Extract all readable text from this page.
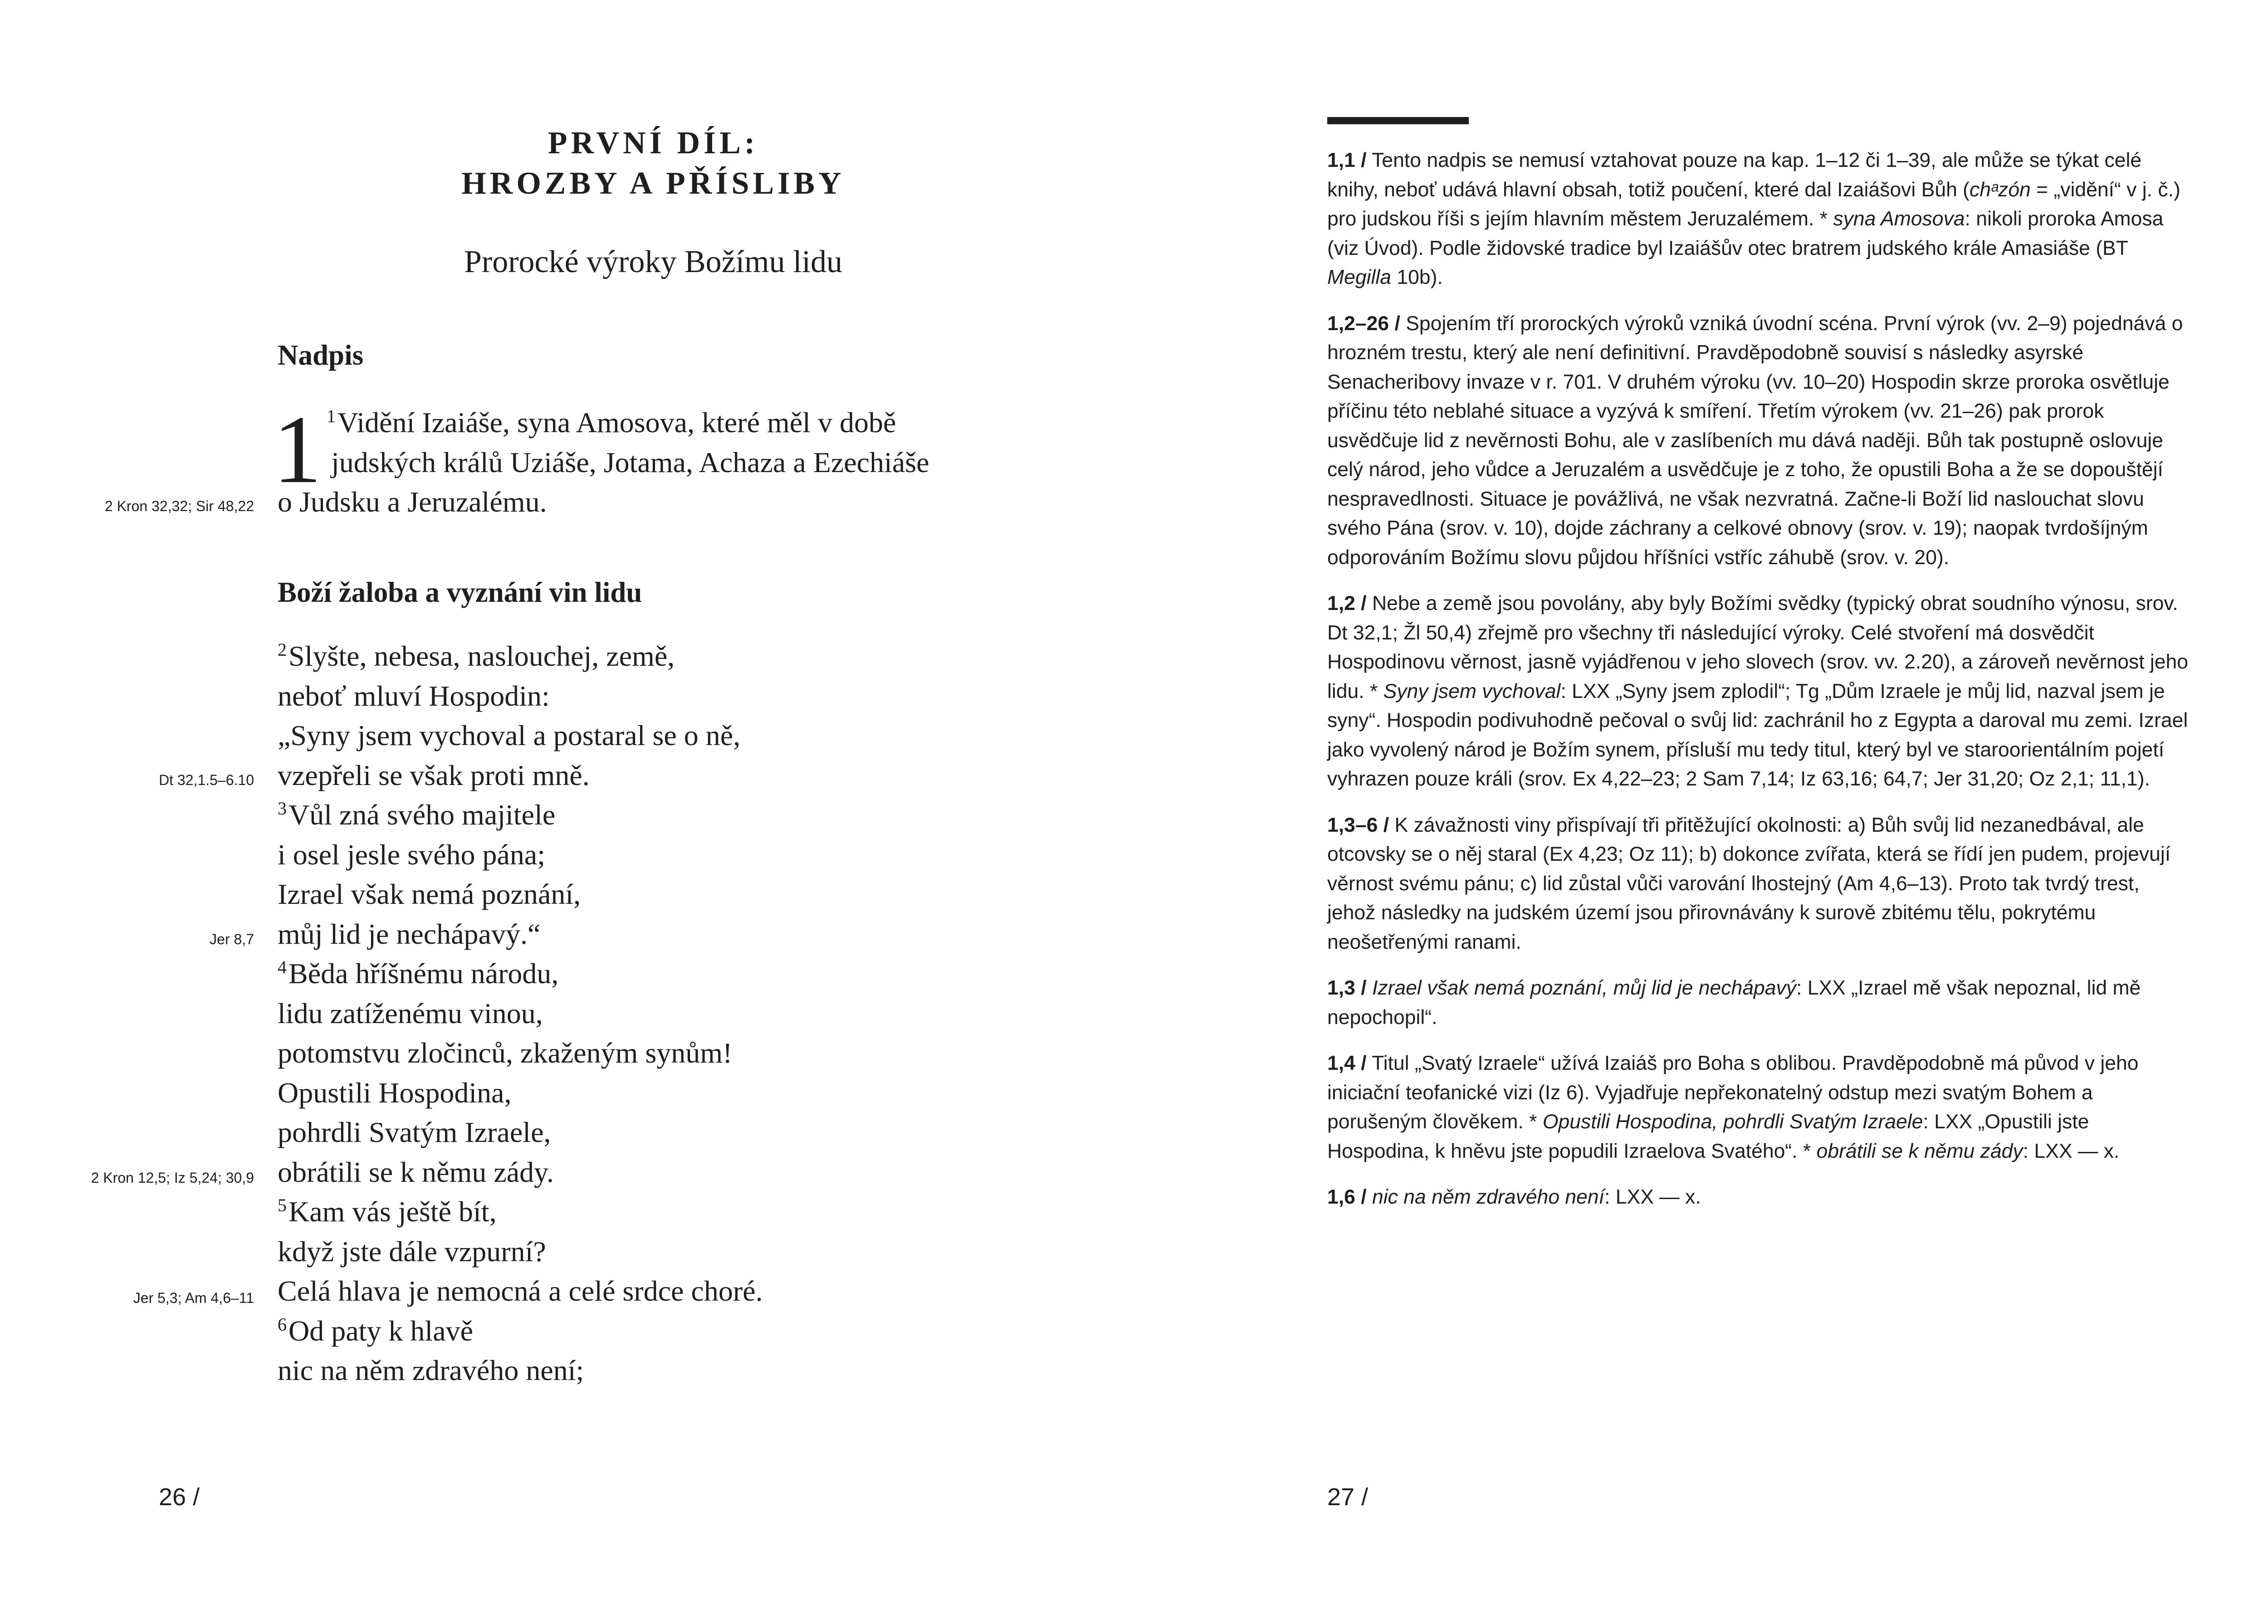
PRVNÍ DÍL:
HROZBY A PŘÍSLIBY
Prorocké výroky Božímu lidu
Nadpis
1 $^1$Vidění Izaiáše, syna Amosova, které měl v době
judských králů Uziáše, Jotama, Achaza a Ezechiáše
o Judsku a Jeruzalému.
Boží žaloba a vyznání vin lidu
$^2$Slyšte, nebesa, naslouchej, země,
neboť mluví Hospodin:
„Syny jsem vychoval a postaral se o ně,
vzepřeli se však proti mně.
$^3$Vůl zná svého majitele
i osel jesle svého pána;
Izrael však nemá poznání,
můj lid je nechápavý.“
$^4$Běda hříšnému národu,
lidu zatíženému vinou,
potomstvu zločinců, zkaženým synům!
Opustili Hospodina,
pohrdli Svatým Izraele,
obrátili se k němu zády.
$^5$Kam vás ještě bít,
když jste dále vzpurní?
Celá hlava je nemocná a celé srdce choré.
$^6$Od paty k hlavě
nic na něm zdravého není;
2 Kron 32,32; Sir 48,22
Dt 32,1.5–6.10
Jer 8,7
2 Kron 12,5; Iz 5,24; 30,9
Jer 5,3; Am 4,6–11
26 /

1,1 / Tento nadpis se nemusí vztahovat pouze na kap. 1–12 či 1–39, ale může se týkat celé knihy, neboť udává hlavní obsah, totiž poučení, které dal Izaiášovi Bůh (chᵃzón = „vidění“ v j. č.) pro judskou říši s jejím hlavním městem Jeruzalémem. * syna Amosova: nikoli proroka Amosa (viz Úvod). Podle židovské tradice byl Izaiášův otec bratrem judského krále Amasiáše (BT Megilla 10b).

1,2–26 / Spojením tří prorockých výroků vzniká úvodní scéna. První výrok (vv. 2–9) pojednává o hrozném trestu, který ale není definitivní. Pravděpodobně souvisí s následky asyrské Senacheribovy invaze v r. 701. V druhém výroku (vv. 10–20) Hospodin skrze proroka osvětluje příčinu této neblahé situace a vyzývá k smíření. Třetím výrokem (vv. 21–26) pak prorok usvědčuje lid z nevěrnosti Bohu, ale v zaslíbeních mu dává naději. Bůh tak postupně oslovuje celý národ, jeho vůdce a Jeruzalém a usvědčuje je z toho, že opustili Boha a že se dopouštějí nespravedlnosti. Situace je povážlivá, ne však nezvratná. Začne-li Boží lid naslouchat slovu svého Pána (srov. v. 10), dojde záchrany a celkové obnovy (srov. v. 19); naopak tvrdošíjným odporováním Božímu slovu půjdou hříšníci vstříc záhubě (srov. v. 20).

1,2 / Nebe a země jsou povolány, aby byly Božími svědky (typický obrat soudního výnosu, srov. Dt 32,1; Žl 50,4) zřejmě pro všechny tři následující výroky. Celé stvoření má dosvědčit Hospodinovu věrnost, jasně vyjádřenou v jeho slovech (srov. vv. 2.20), a zároveň nevěrnost jeho lidu. * Syny jsem vychoval: LXX „Syny jsem zplodil“; Tg „Dům Izraele je můj lid, nazval jsem je syny“. Hospodin podivuhodně pečoval o svůj lid: zachránil ho z Egypta a daroval mu zemi. Izrael jako vyvolený národ je Božím synem, přísluší mu tedy titul, který byl ve staroorientálním pojetí vyhrazen pouze králi (srov. Ex 4,22–23; 2 Sam 7,14; Iz 63,16; 64,7; Jer 31,20; Oz 2,1; 11,1).

1,3–6 / K závažnosti viny přispívají tři přitěžující okolnosti: a) Bůh svůj lid nezanedbával, ale otcovsky se o něj staral (Ex 4,23; Oz 11); b) dokonce zvířata, která se řídí jen pudem, projevují věrnost svému pánu; c) lid zůstal vůči varování lhostejný (Am 4,6–13). Proto tak tvrdý trest, jehož následky na judském území jsou přirovnávány k surově zbitému tělu, pokrytému neošetřenými ranami.

1,3 / Izrael však nemá poznání, můj lid je nechápavý: LXX „Izrael mě však nepoznal, lid mě nepochopil“.

1,4 / Titul „Svatý Izraele“ užívá Izaiáš pro Boha s oblibou. Pravděpodobně má původ v jeho iniciační teofanické vizi (Iz 6). Vyjadřuje nepřekonatelný odstup mezi svatým Bohem a porušeným člověkem. * Opustili Hospodina, pohrdli Svatým Izraele: LXX „Opustili jste Hospodina, k hněvu jste popudili Izraelova Svatého“. * obrátili se k němu zády: LXX — x.

1,6 / nic na něm zdravého není: LXX — x.

27 /
